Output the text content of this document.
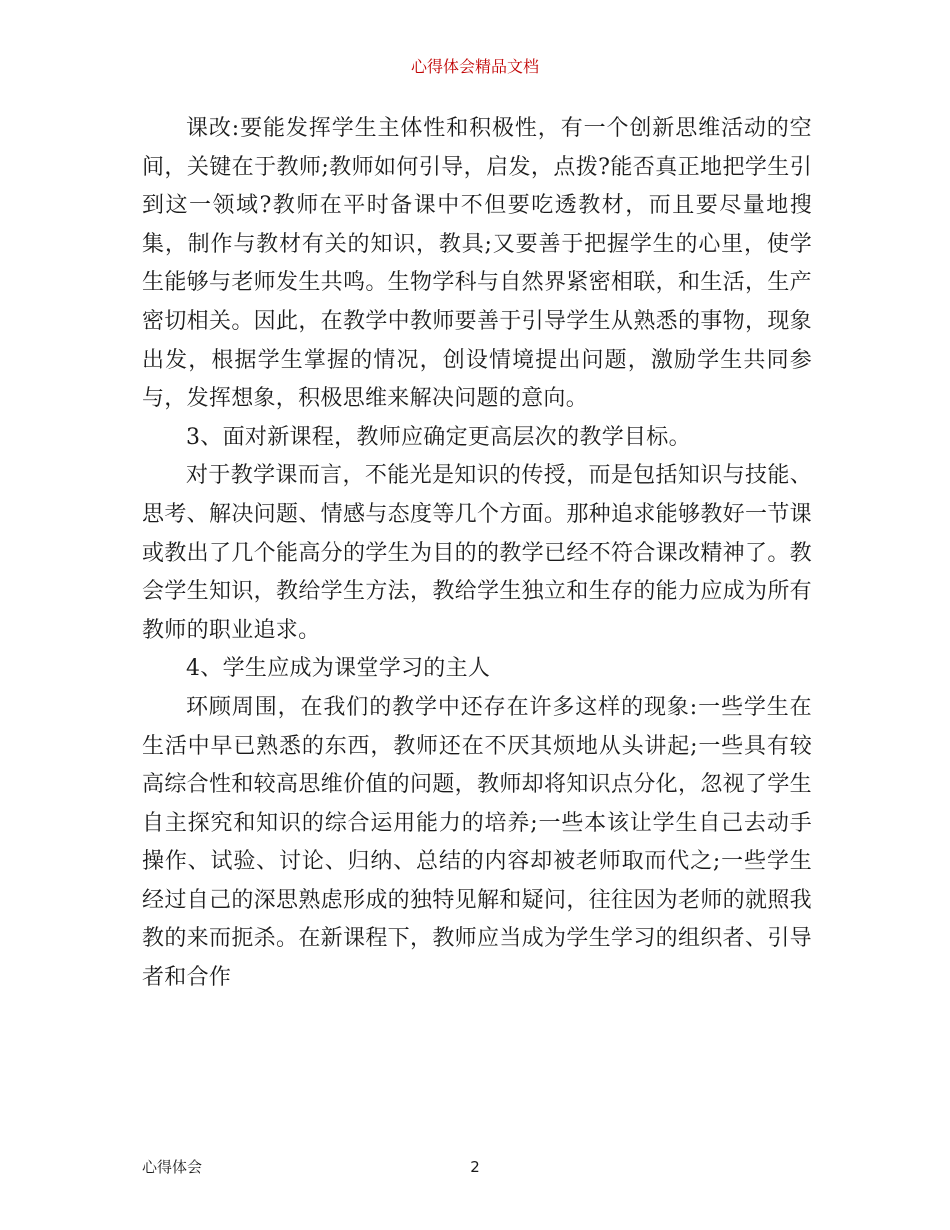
心得体会精品文档

课改:要能发挥学生主体性和积极性，有一个创新思维活动的空间，关键在于教师;教师如何引导，启发，点拨?能否真正地把学生引到这一领域?教师在平时备课中不但要吃透教材，而且要尽量地搜集，制作与教材有关的知识，教具;又要善于把握学生的心里，使学生能够与老师发生共鸣。生物学科与自然界紧密相联，和生活，生产密切相关。因此，在教学中教师要善于引导学生从熟悉的事物，现象出发，根据学生掌握的情况，创设情境提出问题，激励学生共同参与，发挥想象，积极思维来解决问题的意向。

3、面对新课程，教师应确定更高层次的教学目标。

对于教学课而言，不能光是知识的传授，而是包括知识与技能、思考、解决问题、情感与态度等几个方面。那种追求能够教好一节课或教出了几个能高分的学生为目的的教学已经不符合课改精神了。教会学生知识，教给学生方法，教给学生独立和生存的能力应成为所有教师的职业追求。

4、学生应成为课堂学习的主人

环顾周围，在我们的教学中还存在许多这样的现象:一些学生在生活中早已熟悉的东西，教师还在不厌其烦地从头讲起;一些具有较高综合性和较高思维价值的问题，教师却将知识点分化，忽视了学生自主探究和知识的综合运用能力的培养;一些本该让学生自己去动手操作、试验、讨论、归纳、总结的内容却被老师取而代之;一些学生经过自己的深思熟虑形成的独特见解和疑问，往往因为老师的就照我教的来而扼杀。在新课程下，教师应当成为学生学习的组织者、引导者和合作

心得体会	2
